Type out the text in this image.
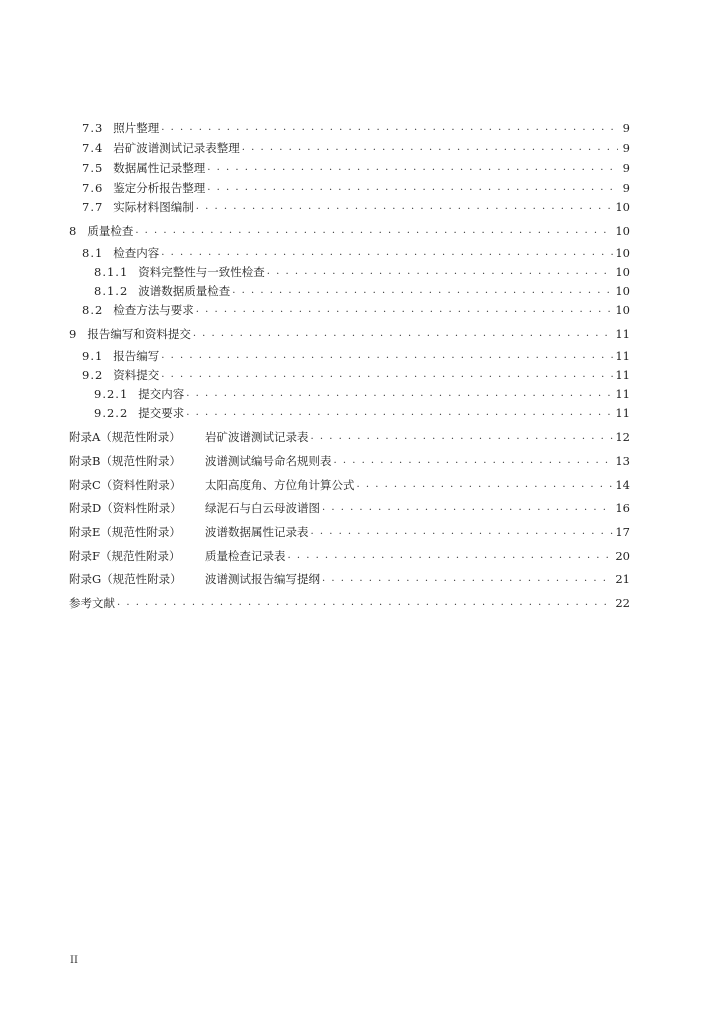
7.3 照片整理 . . .	9
7.4 岩矿波谱测试记录表整理 . . .	9
7.5 数据属性记录整理 . . .	9
7.6 鉴定分析报告整理 . . .	9
7.7 实际材料图编制 . . .	10
8 质量检查 . . .	10
8.1 检查内容 . . .	10
8.1.1 资料完整性与一致性检查 . . .	10
8.1.2 波谱数据质量检查 . . .	10
8.2 检查方法与要求 . . .	10
9 报告编写和资料提交 . . .	11
9.1 报告编写 . . .	11
9.2 资料提交 . . .	11
9.2.1 提交内容 . . .	11
9.2.2 提交要求 . . .	11
附录A（规范性附录） 岩矿波谱测试记录表 . . .	12
附录B（规范性附录） 波谱测试编号命名规则表 . . .	13
附录C（资料性附录） 太阳高度角、方位角计算公式 . . .	14
附录D（资料性附录） 绿泥石与白云母波谱图 . . .	16
附录E（规范性附录） 波谱数据属性记录表 . . .	17
附录F（规范性附录） 质量检查记录表 . . .	20
附录G（规范性附录） 波谱测试报告编写提纲 . . .	21
参考文献 . . .	22
II
